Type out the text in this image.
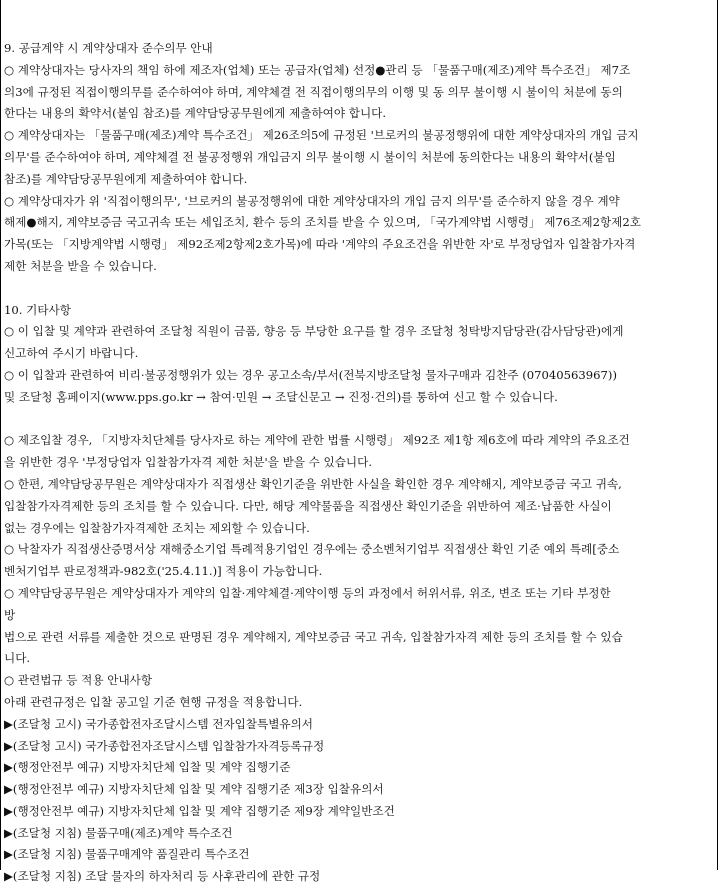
9. 공급계약 시 계약상대자 준수의무 안내
○ 계약상대자는 당사자의 책임 하에 제조자(업체) 또는 공급자(업체) 선정●관리 등 「물품구매(제조)계약 특수조건」 제7조
의3에 규정된 직접이행의무를 준수하여야 하며, 계약체결 전 직접이행의무의 이행 및 동 의무 불이행 시 불이익 처분에 동의
한다는 내용의 확약서(붙임 참조)를 계약담당공무원에게 제출하여야 합니다.
○ 계약상대자는 「물품구매(제조)계약 특수조건」 제26조의5에 규정된 '브로커의 불공정행위에 대한 계약상대자의 개입 금지
의무'를 준수하여야 하며, 계약체결 전 불공정행위 개입금지 의무 불이행 시 불이익 처분에 동의한다는 내용의 확약서(붙임
참조)를 계약담당공무원에게 제출하여야 합니다.
○ 계약상대자가 위 '직접이행의무', '브로커의 불공정행위에 대한 계약상대자의 개입 금지 의무'를 준수하지 않을 경우 계약
해제●해지, 계약보증금 국고귀속 또는 세입조치, 환수 등의 조치를 받을 수 있으며, 「국가계약법 시행령」 제76조제2항제2호
가목(또는 「지방계약법 시행령」 제92조제2항제2호가목)에 따라 '계약의 주요조건을 위반한 자'로 부정당업자 입찰참가자격
제한 처분을 받을 수 있습니다.
10. 기타사항
○ 이 입찰 및 계약과 관련하여 조달청 직원이 금품, 향응 등 부당한 요구를 할 경우 조달청 청탁방지담당관(감사담당관)에게
신고하여 주시기 바랍니다.
○ 이 입찰과 관련하여 비리·불공정행위가 있는 경우 공고소속/부서(전북지방조달청 물자구매과 김찬주 (07040563967))
및 조달청 홈페이지(www.pps.go.kr → 참여·민원 → 조달신문고 → 진정·건의)를 통하여 신고 할 수 있습니다.
○ 제조입찰 경우, 「지방자치단체를 당사자로 하는 계약에 관한 법률 시행령」 제92조 제1항 제6호에 따라 계약의 주요조건
을 위반한 경우 '부정당업자 입찰참가자격 제한 처분'을 받을 수 있습니다.
○ 한편, 계약담당공무원은 계약상대자가 직접생산 확인기준을 위반한 사실을 확인한 경우 계약해지, 계약보증금 국고 귀속,
입찰참가자격제한 등의 조치를 할 수 있습니다. 다만, 해당 계약물품을 직접생산 확인기준을 위반하여 제조·납품한 사실이
없는 경우에는 입찰참가자격제한 조치는 제외할 수 있습니다.
○ 낙찰자가 직접생산증명서상 재해중소기업 특례적용기업인 경우에는 중소벤처기업부 직접생산 확인 기준 예외 특례[중소
벤처기업부 판로정책과-982호('25.4.11.)] 적용이 가능합니다.
○ 계약담당공무원은 계약상대자가 계약의 입찰·계약체결·계약이행 등의 과정에서 허위서류, 위조, 변조 또는 기타 부정한
방
법으로 관련 서류를 제출한 것으로 판명된 경우 계약해지, 계약보증금 국고 귀속, 입찰참가자격 제한 등의 조치를 할 수 있습
니다.
○ 관련법규 등 적용 안내사항
아래 관련규정은 입찰 공고일 기준 현행 규정을 적용합니다.
▶(조달청 고시) 국가종합전자조달시스템 전자입찰특별유의서
▶(조달청 고시) 국가종합전자조달시스템 입찰참가자격등록규정
▶(행정안전부 예규) 지방자치단체 입찰 및 계약 집행기준
▶(행정안전부 예규) 지방자치단체 입찰 및 계약 집행기준 제3장 입찰유의서
▶(행정안전부 예규) 지방자치단체 입찰 및 계약 집행기준 제9장 계약일반조건
▶(조달청 지침) 물품구매(제조)계약 특수조건
▶(조달청 지침) 물품구매계약 품질관리 특수조건
▶(조달청 지침) 조달 물자의 하자처리 등 사후관리에 관한 규정
